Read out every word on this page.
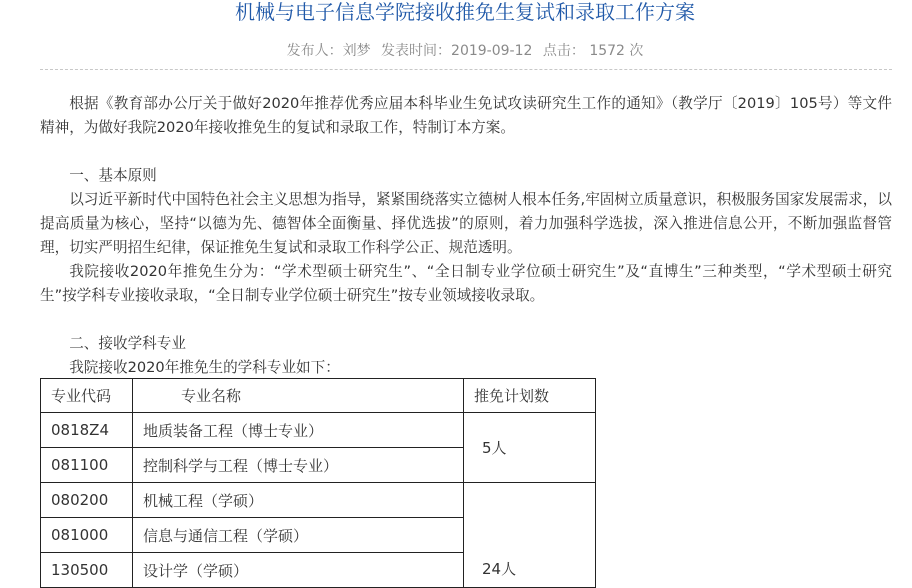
机械与电子信息学院接收推免生复试和录取工作方案
发布人：刘梦 发表时间：2019-09-12 点击： 1572 次

根据《教育部办公厅关于做好2020年推荐优秀应届本科毕业生免试攻读研究生工作的通知》（教学厅〔2019〕105号）等文件精神，为做好我院2020年接收推免生的复试和录取工作，特制订本方案。

一、基本原则

以习近平新时代中国特色社会主义思想为指导，紧紧围绕落实立德树人根本任务,牢固树立质量意识，积极服务国家发展需求，以提高质量为核心，坚持“以德为先、德智体全面衡量、择优选拔”的原则，着力加强科学选拔，深入推进信息公开，不断加强监督管理，切实严明招生纪律，保证推免生复试和录取工作科学公正、规范透明。

我院接收2020年推免生分为：“学术型硕士研究生”、“全日制专业学位硕士研究生”及“直博生”三种类型，“学术型硕士研究生”按学科专业接收录取，“全日制专业学位硕士研究生”按专业领域接收录取。

二、接收学科专业

我院接收2020年推免生的学科专业如下：

专业代码	专业名称	推免计划数
0818Z4	地质装备工程（博士专业）	5人
081100	控制科学与工程（博士专业）	
080200	机械工程（学硕）	24人
081000	信息与通信工程（学硕）	
130500	设计学（学硕）	
